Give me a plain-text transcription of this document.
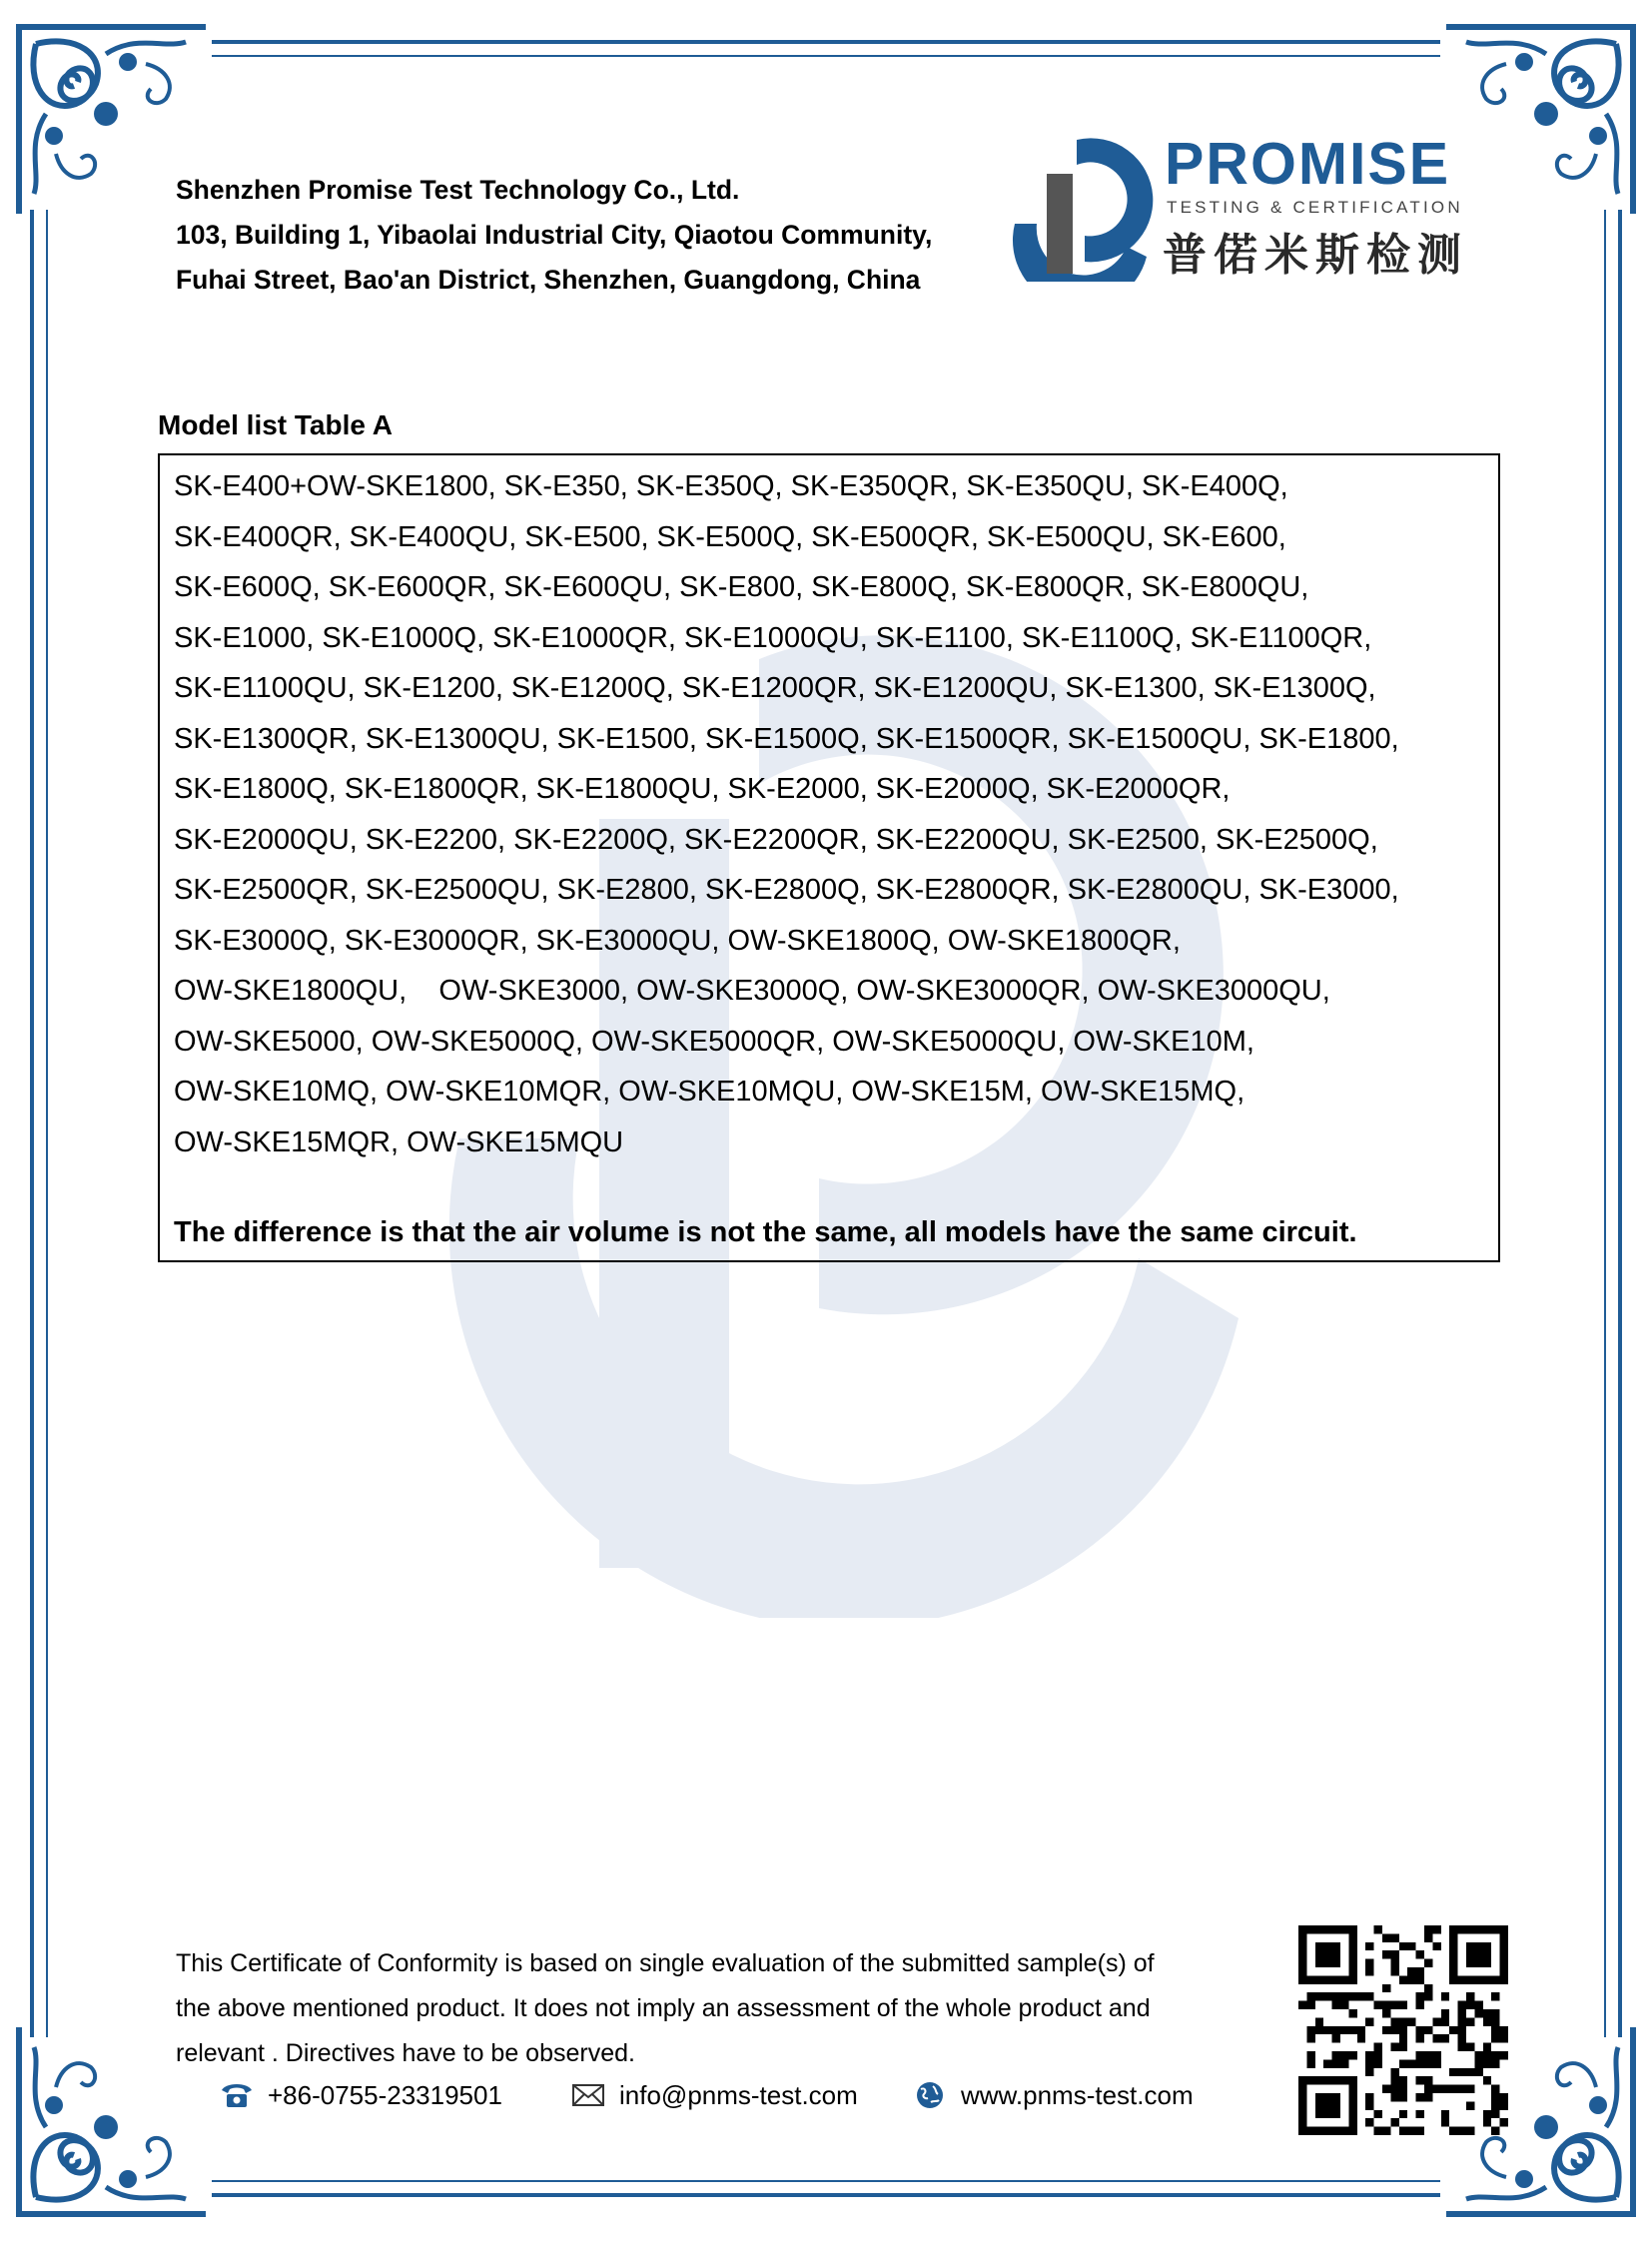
Shenzhen Promise Test Technology Co., Ltd.
103, Building 1, Yibaolai Industrial City, Qiaotou Community,
Fuhai Street, Bao'an District, Shenzhen, Guangdong, China
PROMISE
TESTING & CERTIFICATION
普偌米斯检测
Model list Table A
SK-E400+OW-SKE1800, SK-E350, SK-E350Q, SK-E350QR, SK-E350QU, SK-E400Q,
SK-E400QR, SK-E400QU, SK-E500, SK-E500Q, SK-E500QR, SK-E500QU, SK-E600,
SK-E600Q, SK-E600QR, SK-E600QU, SK-E800, SK-E800Q, SK-E800QR, SK-E800QU,
SK-E1000, SK-E1000Q, SK-E1000QR, SK-E1000QU, SK-E1100, SK-E1100Q, SK-E1100QR,
SK-E1100QU, SK-E1200, SK-E1200Q, SK-E1200QR, SK-E1200QU, SK-E1300, SK-E1300Q,
SK-E1300QR, SK-E1300QU, SK-E1500, SK-E1500Q, SK-E1500QR, SK-E1500QU, SK-E1800,
SK-E1800Q, SK-E1800QR, SK-E1800QU, SK-E2000, SK-E2000Q, SK-E2000QR,
SK-E2000QU, SK-E2200, SK-E2200Q, SK-E2200QR, SK-E2200QU, SK-E2500, SK-E2500Q,
SK-E2500QR, SK-E2500QU, SK-E2800, SK-E2800Q, SK-E2800QR, SK-E2800QU, SK-E3000,
SK-E3000Q, SK-E3000QR, SK-E3000QU, OW-SKE1800Q, OW-SKE1800QR,
OW-SKE1800QU,    OW-SKE3000, OW-SKE3000Q, OW-SKE3000QR, OW-SKE3000QU,
OW-SKE5000, OW-SKE5000Q, OW-SKE5000QR, OW-SKE5000QU, OW-SKE10M,
OW-SKE10MQ, OW-SKE10MQR, OW-SKE10MQU, OW-SKE15M, OW-SKE15MQ,
OW-SKE15MQR, OW-SKE15MQU
The difference is that the air volume is not the same, all models have the same circuit.
This Certificate of Conformity is based on single evaluation of the submitted sample(s) of
the above mentioned product. It does not imply an assessment of the whole product and
relevant . Directives have to be observed.
+86-0755-23319501	info@pnms-test.com	www.pnms-test.com
